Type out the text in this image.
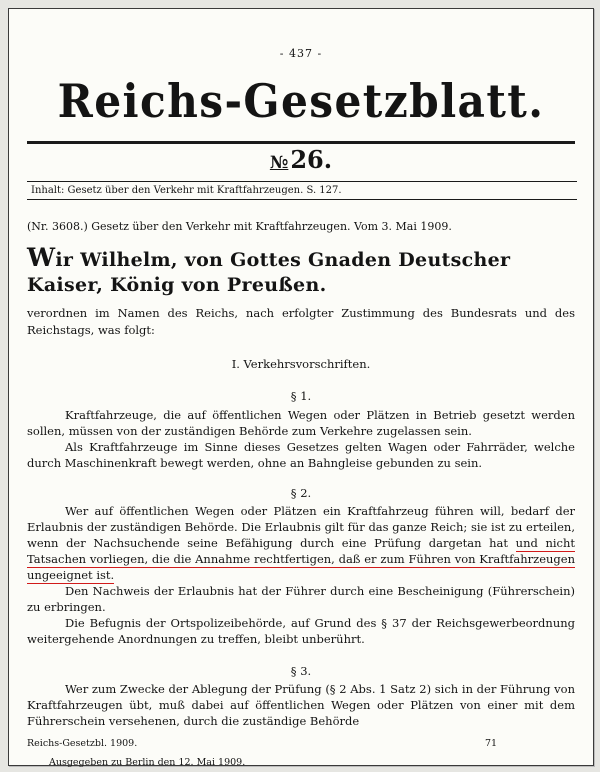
- 437 -
Reichs-Gesetzblatt.
№26.
Inhalt: Gesetz über den Verkehr mit Kraftfahrzeugen. S. 127.
(Nr. 3608.) Gesetz über den Verkehr mit Kraftfahrzeugen. Vom 3. Mai 1909.
Wir Wilhelm, von Gottes Gnaden Deutscher Kaiser, König von Preußen.
verordnen im Namen des Reichs, nach erfolgter Zustimmung des Bundesrats und des Reichstags, was folgt:
I. Verkehrsvorschriften.
§ 1.
Kraftfahrzeuge, die auf öffentlichen Wegen oder Plätzen in Betrieb gesetzt werden sollen, müssen von der zuständigen Behörde zum Verkehre zugelassen sein.
Als Kraftfahrzeuge im Sinne dieses Gesetzes gelten Wagen oder Fahrräder, welche durch Maschinenkraft bewegt werden, ohne an Bahngleise gebunden zu sein.
§ 2.
Wer auf öffentlichen Wegen oder Plätzen ein Kraftfahrzeug führen will, bedarf der Erlaubnis der zuständigen Behörde. Die Erlaubnis gilt für das ganze Reich; sie ist zu erteilen, wenn der Nachsuchende seine Befähigung durch eine Prüfung dargetan hat und nicht Tatsachen vorliegen, die die Annahme rechtfertigen, daß er zum Führen von Kraftfahrzeugen ungeeignet ist.
Den Nachweis der Erlaubnis hat der Führer durch eine Bescheinigung (Führerschein) zu erbringen.
Die Befugnis der Ortspolizeibehörde, auf Grund des § 37 der Reichsgewerbeordnung weitergehende Anordnungen zu treffen, bleibt unberührt.
§ 3.
Wer zum Zwecke der Ablegung der Prüfung (§ 2 Abs. 1 Satz 2) sich in der Führung von Kraftfahrzeugen übt, muß dabei auf öffentlichen Wegen oder Plätzen von einer mit dem Führerschein versehenen, durch die zuständige Behörde
Reichs-Gesetzbl. 1909.	71
Ausgegeben zu Berlin den 12. Mai 1909.
